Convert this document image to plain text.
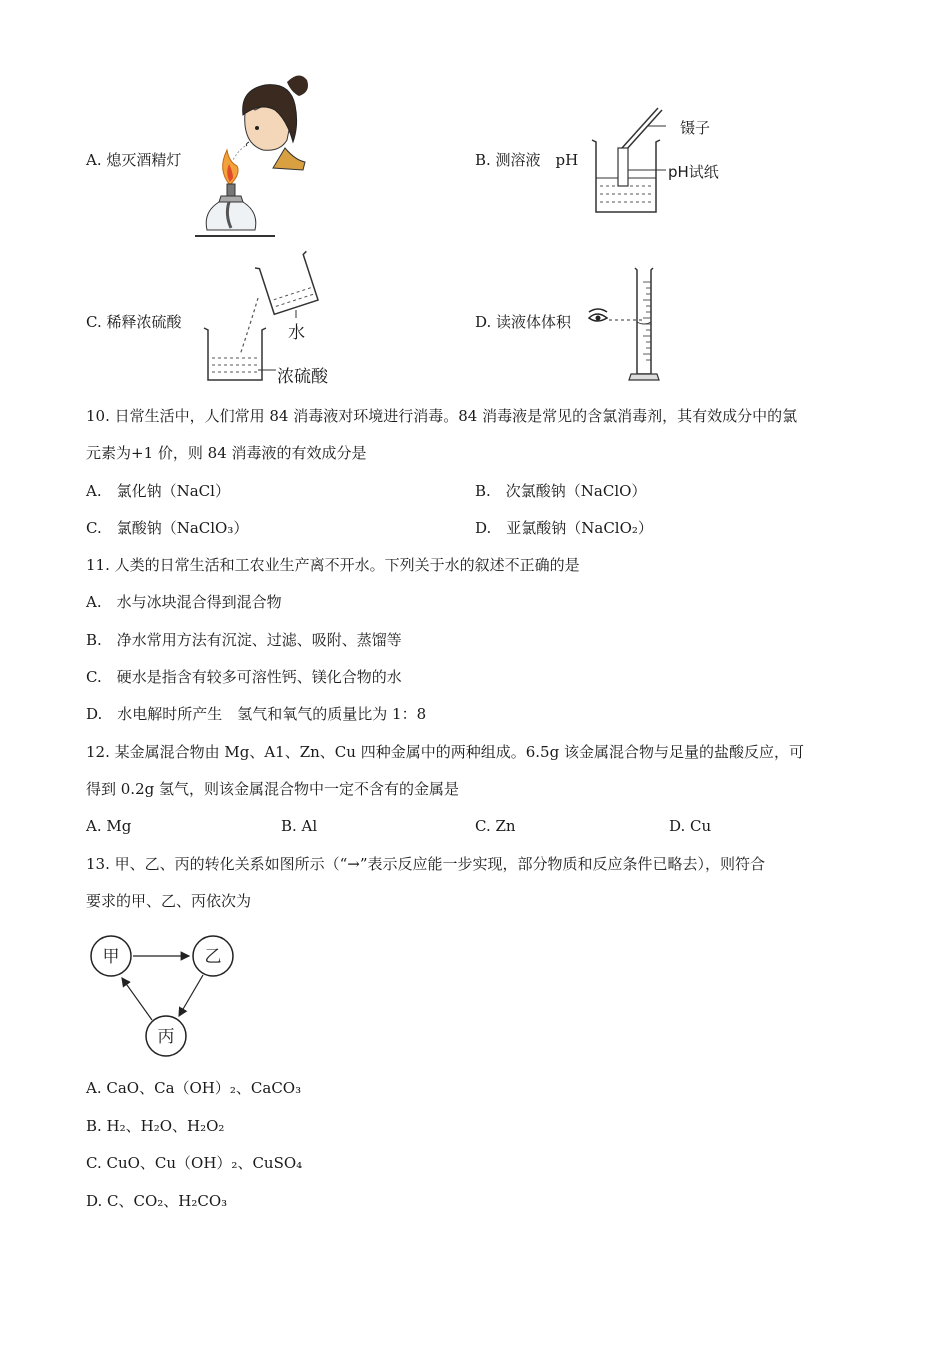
A. 熄灭酒精灯	B. 测溶液　pH
镊子
pH试纸
C. 稀释浓硫酸
水
浓硫酸
D. 读液体体积
10. 日常生活中，人们常用 84 消毒液对环境进行消毒。84 消毒液是常见的含氯消毒剂，其有效成分中的氯
元素为+1 价，则 84 消毒液的有效成分是
A.　氯化钠（NaCl）	B.　次氯酸钠（NaClO）
C.　氯酸钠（NaClO₃）	D.　亚氯酸钠（NaClO₂）
11. 人类的日常生活和工农业生产离不开水。下列关于水的叙述不正确的是
A.　水与冰块混合得到混合物
B.　净水常用方法有沉淀、过滤、吸附、蒸馏等
C.　硬水是指含有较多可溶性钙、镁化合物的水
D.　水电解时所产生　氢气和氧气的质量比为 1：8
12. 某金属混合物由 Mg、A1、Zn、Cu 四种金属中的两种组成。6.5g 该金属混合物与足量的盐酸反应，可
得到 0.2g 氢气，则该金属混合物中一定不含有的金属是
A. Mg	B. Al	C. Zn	D. Cu
13. 甲、乙、丙的转化关系如图所示（“→”表示反应能一步实现，部分物质和反应条件已略去），则符合
要求的甲、乙、丙依次为
甲	乙
丙
A. CaO、Ca（OH）₂、CaCO₃
B. H₂、H₂O、H₂O₂
C. CuO、Cu（OH）₂、CuSO₄
D. C、CO₂、H₂CO₃
